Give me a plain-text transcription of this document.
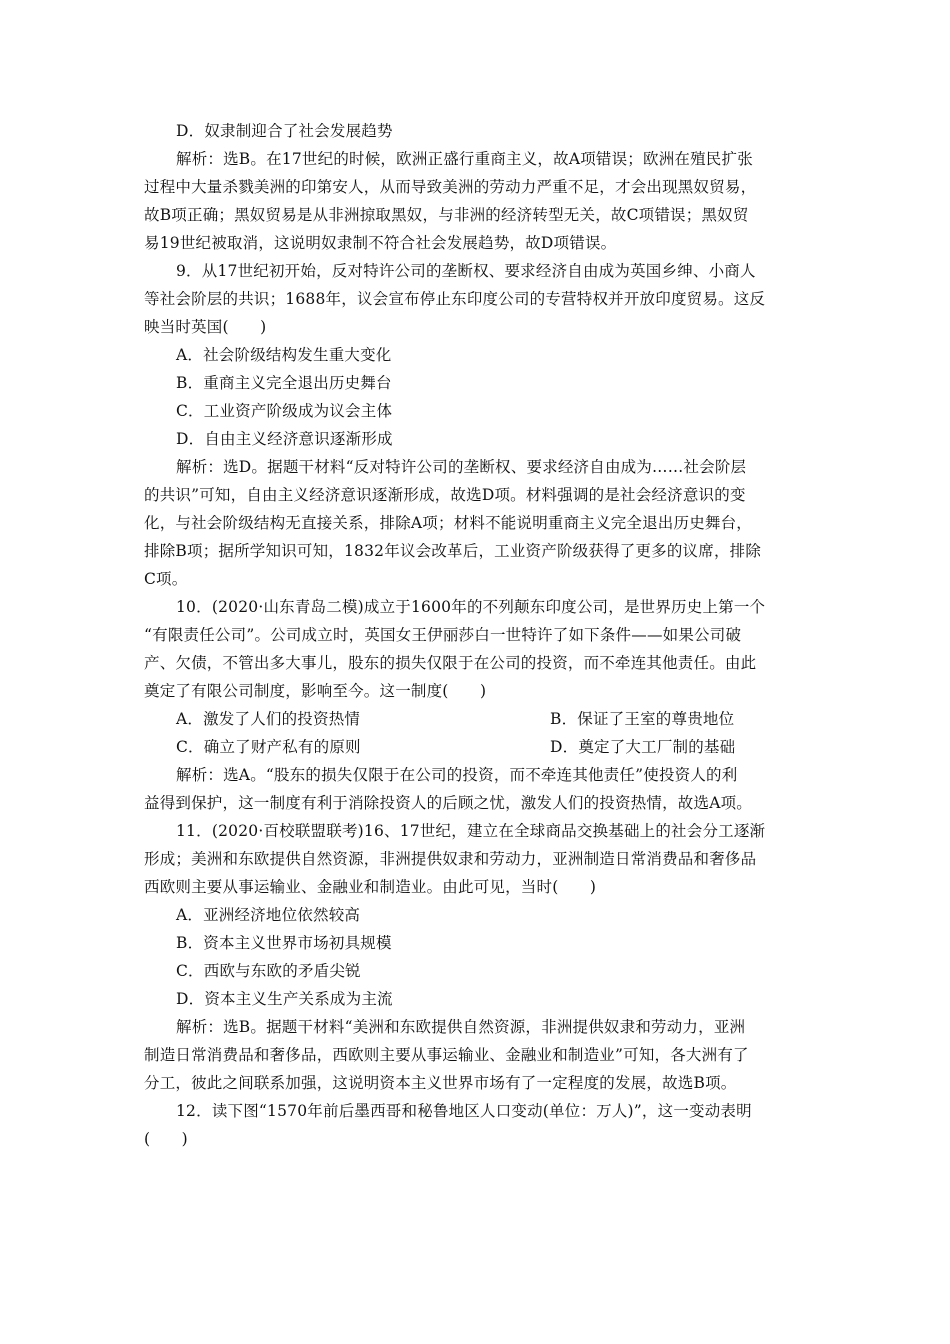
D．奴隶制迎合了社会发展趋势
解析：选B。在17世纪的时候，欧洲正盛行重商主义，故A项错误；欧洲在殖民扩张
过程中大量杀戮美洲的印第安人，从而导致美洲的劳动力严重不足，才会出现黑奴贸易，
故B项正确；黑奴贸易是从非洲掠取黑奴，与非洲的经济转型无关，故C项错误；黑奴贸
易19世纪被取消，这说明奴隶制不符合社会发展趋势，故D项错误。
9．从17世纪初开始，反对特许公司的垄断权、要求经济自由成为英国乡绅、小商人
等社会阶层的共识；1688年，议会宣布停止东印度公司的专营特权并开放印度贸易。这反
映当时英国(　　)
A．社会阶级结构发生重大变化
B．重商主义完全退出历史舞台
C．工业资产阶级成为议会主体
D．自由主义经济意识逐渐形成
解析：选D。据题干材料“反对特许公司的垄断权、要求经济自由成为……社会阶层
的共识”可知，自由主义经济意识逐渐形成，故选D项。材料强调的是社会经济意识的变
化，与社会阶级结构无直接关系，排除A项；材料不能说明重商主义完全退出历史舞台，
排除B项；据所学知识可知，1832年议会改革后，工业资产阶级获得了更多的议席，排除
C项。
10．(2020·山东青岛二模)成立于1600年的不列颠东印度公司，是世界历史上第一个
“有限责任公司”。公司成立时，英国女王伊丽莎白一世特许了如下条件——如果公司破
产、欠债，不管出多大事儿，股东的损失仅限于在公司的投资，而不牵连其他责任。由此
奠定了有限公司制度，影响至今。这一制度(　　)
A．激发了人们的投资热情	B．保证了王室的尊贵地位
C．确立了财产私有的原则	D．奠定了大工厂制的基础
解析：选A。“股东的损失仅限于在公司的投资，而不牵连其他责任”使投资人的利
益得到保护，这一制度有利于消除投资人的后顾之忧，激发人们的投资热情，故选A项。
11．(2020·百校联盟联考)16、17世纪，建立在全球商品交换基础上的社会分工逐渐
形成；美洲和东欧提供自然资源，非洲提供奴隶和劳动力，亚洲制造日常消费品和奢侈品
西欧则主要从事运输业、金融业和制造业。由此可见，当时(　　)
A．亚洲经济地位依然较高
B．资本主义世界市场初具规模
C．西欧与东欧的矛盾尖锐
D．资本主义生产关系成为主流
解析：选B。据题干材料“美洲和东欧提供自然资源，非洲提供奴隶和劳动力，亚洲
制造日常消费品和奢侈品，西欧则主要从事运输业、金融业和制造业”可知，各大洲有了
分工，彼此之间联系加强，这说明资本主义世界市场有了一定程度的发展，故选B项。
12．读下图“1570年前后墨西哥和秘鲁地区人口变动(单位：万人)”，这一变动表明
(　　)
